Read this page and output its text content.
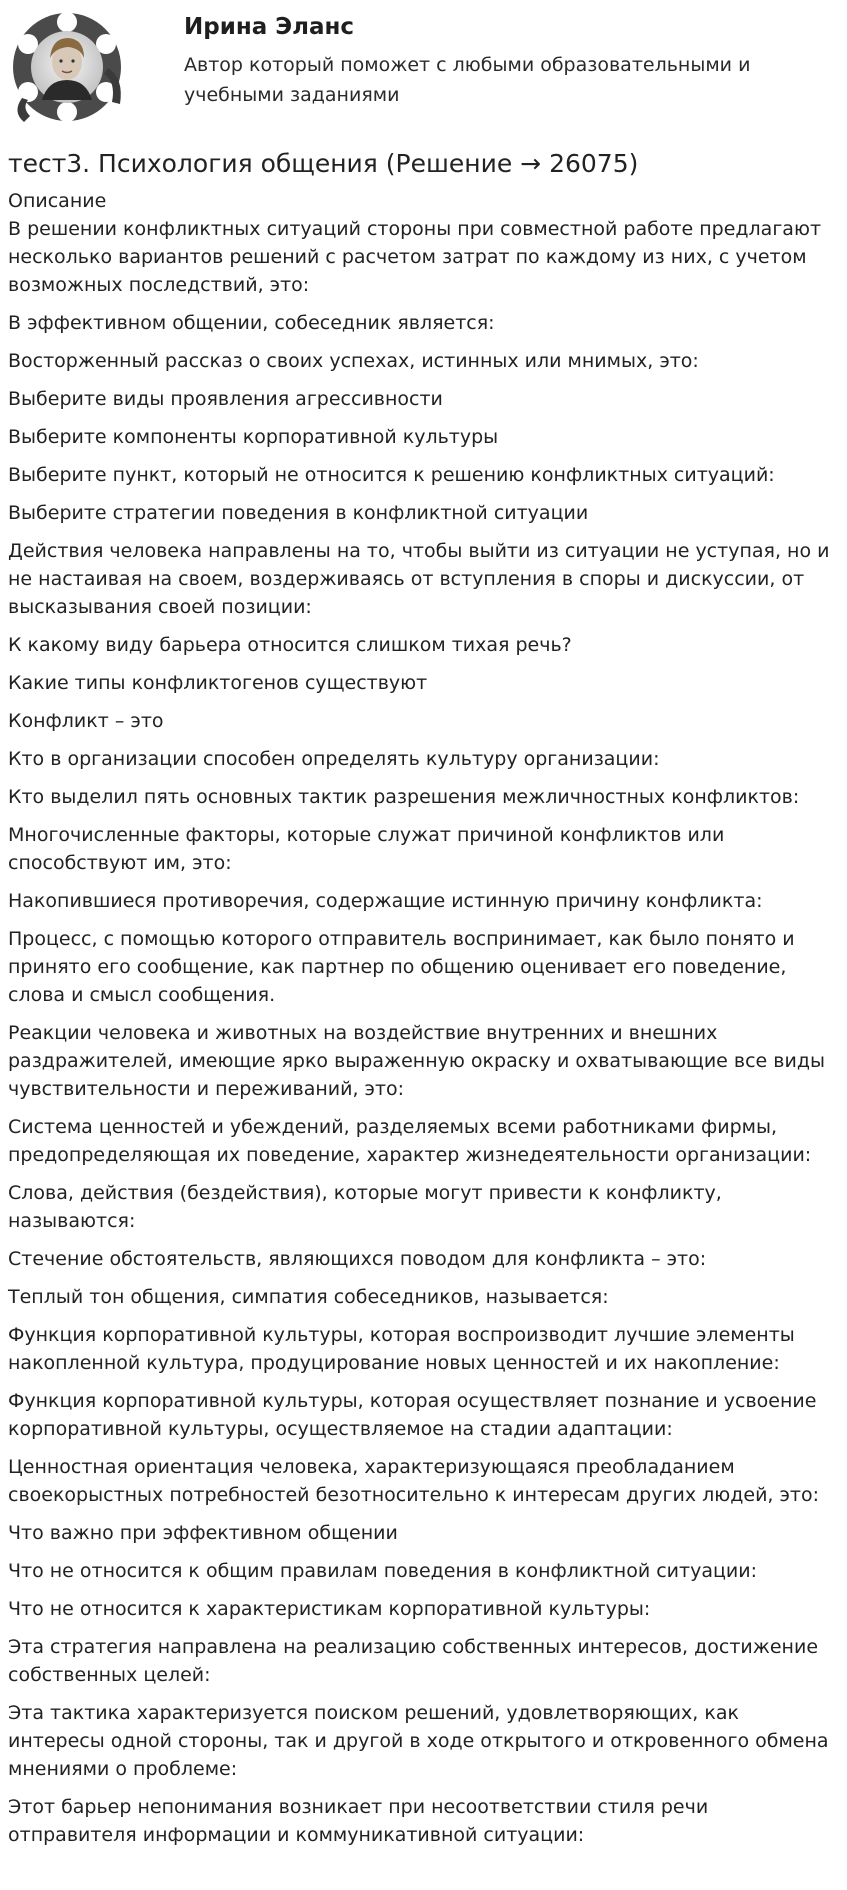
Ирина Эланс
Автор который поможет с любыми образовательными и учебными заданиями
тест3. Психология общения (Решение → 26075)
Описание
В решении конфликтных ситуаций стороны при совместной работе предлагают несколько вариантов решений с расчетом затрат по каждому из них, с учетом возможных последствий, это:
В эффективном общении, собеседник является:
Восторженный рассказ о своих успехах, истинных или мнимых, это:
Выберите виды проявления агрессивности
Выберите компоненты корпоративной культуры
Выберите пункт, который не относится к решению конфликтных ситуаций:
Выберите стратегии поведения в конфликтной ситуации
Действия человека направлены на то, чтобы выйти из ситуации не уступая, но и не настаивая на своем, воздерживаясь от вступления в споры и дискуссии, от высказывания своей позиции:
К какому виду барьера относится слишком тихая речь?
Какие типы конфликтогенов существуют
Конфликт – это
Кто в организации способен определять культуру организации:
Кто выделил пять основных тактик разрешения межличностных конфликтов:
Многочисленные факторы, которые служат причиной конфликтов или способствуют им, это:
Накопившиеся противоречия, содержащие истинную причину конфликта:
Процесс, с помощью которого отправитель воспринимает, как было понято и принято его сообщение, как партнер по общению оценивает его поведение, слова и смысл сообщения.
Реакции человека и животных на воздействие внутренних и внешних раздражителей, имеющие ярко выраженную окраску и охватывающие все виды чувствительности и переживаний, это:
Система ценностей и убеждений, разделяемых всеми работниками фирмы, предопределяющая их поведение, характер жизнедеятельности организации:
Слова, действия (бездействия), которые могут привести к конфликту, называются:
Стечение обстоятельств, являющихся поводом для конфликта – это:
Теплый тон общения, симпатия собеседников, называется:
Функция корпоративной культуры, которая воспроизводит лучшие элементы накопленной культура, продуцирование новых ценностей и их накопление:
Функция корпоративной культуры, которая осуществляет познание и усвоение корпоративной культуры, осуществляемое на стадии адаптации:
Ценностная ориентация человека, характеризующаяся преобладанием своекорыстных потребностей безотносительно к интересам других людей, это:
Что важно при эффективном общении
Что не относится к общим правилам поведения в конфликтной ситуации:
Что не относится к характеристикам корпоративной культуры:
Эта стратегия направлена на реализацию собственных интересов, достижение собственных целей:
Эта тактика характеризуется поиском решений, удовлетворяющих, как интересы одной стороны, так и другой в ходе открытого и откровенного обмена мнениями о проблеме:
Этот барьер непонимания возникает при несоответствии стиля речи отправителя информации и коммуникативной ситуации:
